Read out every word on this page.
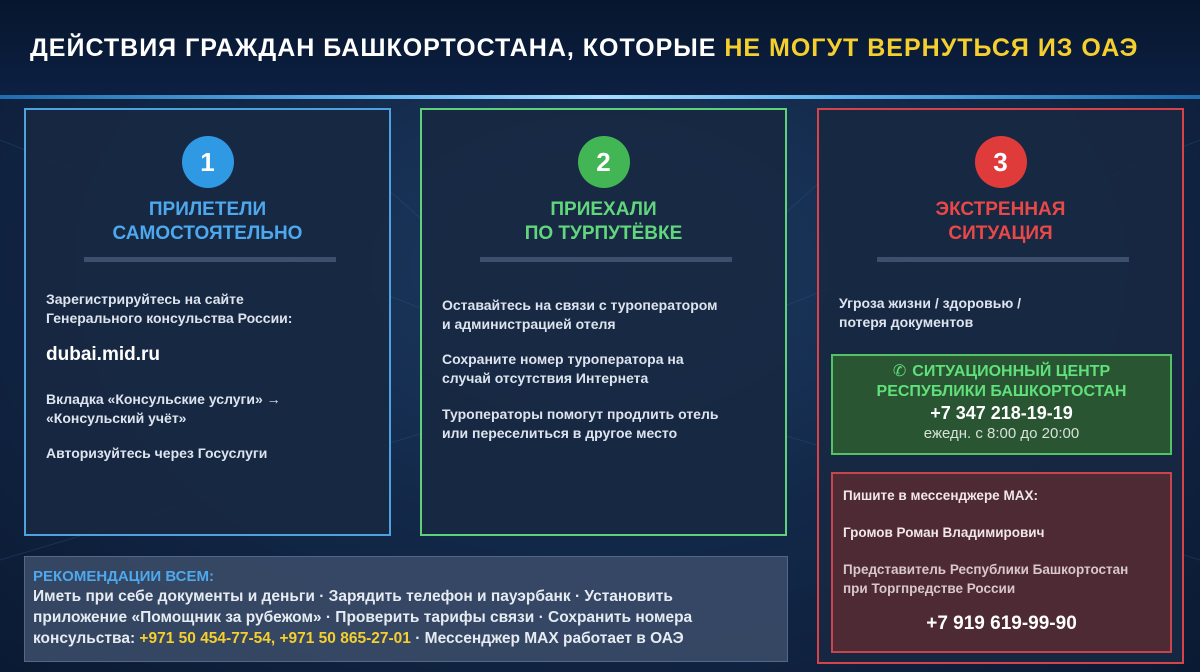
ДЕЙСТВИЯ ГРАЖДАН БАШКОРТОСТАНА, КОТОРЫЕ НЕ МОГУТ ВЕРНУТЬСЯ ИЗ ОАЭ
1
ПРИЛЕТЕЛИ
САМОСТОЯТЕЛЬНО
Зарегистрируйтесь на сайте
Генерального консульства России:
dubai.mid.ru
Вкладка «Консульские услуги» →
«Консульский учёт»
Авторизуйтесь через Госуслуги
2
ПРИЕХАЛИ
ПО ТУРПУТЁВКЕ
Оставайтесь на связи с туроператором
и администрацией отеля
Сохраните номер туроператора на
случай отсутствия Интернета
Туроператоры помогут продлить отель
или переселиться в другое место
3
ЭКСТРЕННАЯ
СИТУАЦИЯ
Угроза жизни / здоровью /
потеря документов
✆ СИТУАЦИОННЫЙ ЦЕНТР
РЕСПУБЛИКИ БАШКОРТОСТАН
+7 347 218-19-19
ежедн. с 8:00 до 20:00
Пишите в мессенджере MAX:
Громов Роман Владимирович
Представитель Республики Башкортостан
при Торгпредстве России
+7 919 619-99-90
РЕКОМЕНДАЦИИ ВСЕМ:
Иметь при себе документы и деньги · Зарядить телефон и пауэрбанк · Установить
приложение «Помощник за рубежом» · Проверить тарифы связи · Сохранить номера
консульства: +971 50 454-77-54, +971 50 865-27-01 · Мессенджер MAX работает в ОАЭ
